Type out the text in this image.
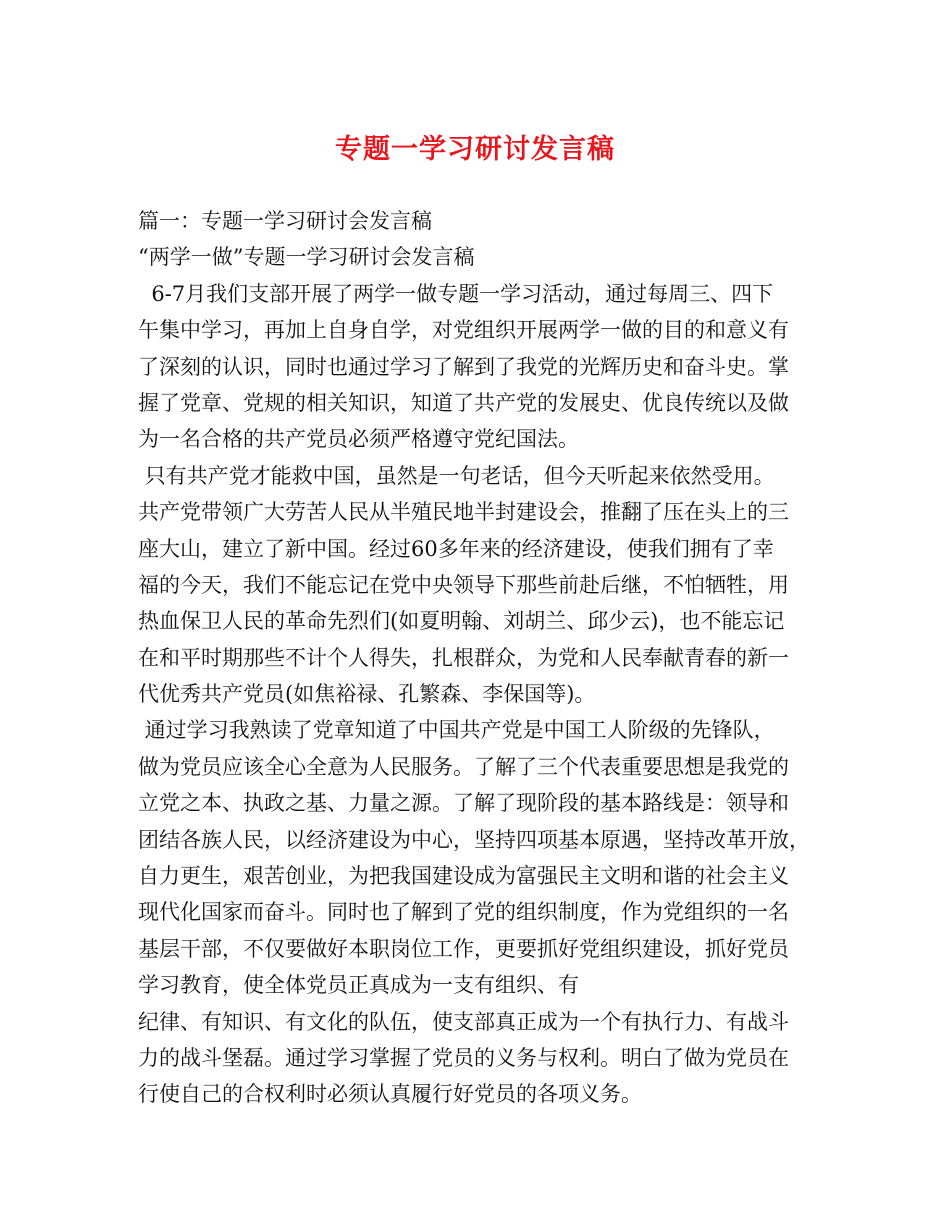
专题一学习研讨发言稿
篇一：专题一学习研讨会发言稿
“两学一做”专题一学习研讨会发言稿
6-7月我们支部开展了两学一做专题一学习活动，通过每周三、四下
午集中学习，再加上自身自学，对党组织开展两学一做的目的和意义有
了深刻的认识，同时也通过学习了解到了我党的光辉历史和奋斗史。掌
握了党章、党规的相关知识，知道了共产党的发展史、优良传统以及做
为一名合格的共产党员必须严格遵守党纪国法。
只有共产党才能救中国，虽然是一句老话，但今天听起来依然受用。
共产党带领广大劳苦人民从半殖民地半封建设会，推翻了压在头上的三
座大山，建立了新中国。经过60多年来的经济建设，使我们拥有了幸
福的今天，我们不能忘记在党中央领导下那些前赴后继，不怕牺牲，用
热血保卫人民的革命先烈们(如夏明翰、刘胡兰、邱少云)，也不能忘记
在和平时期那些不计个人得失，扎根群众，为党和人民奉献青春的新一
代优秀共产党员(如焦裕禄、孔繁森、李保国等)。
通过学习我熟读了党章知道了中国共产党是中国工人阶级的先锋队，
做为党员应该全心全意为人民服务。了解了三个代表重要思想是我党的
立党之本、执政之基、力量之源。了解了现阶段的基本路线是：领导和
团结各族人民，以经济建设为中心，坚持四项基本原遇，坚持改革开放，
自力更生，艰苦创业，为把我国建设成为富强民主文明和谐的社会主义
现代化国家而奋斗。同时也了解到了党的组织制度，作为党组织的一名
基层干部，不仅要做好本职岗位工作，更要抓好党组织建设，抓好党员
学习教育，使全体党员正真成为一支有组织、有
纪律、有知识、有文化的队伍，使支部真正成为一个有执行力、有战斗
力的战斗堡磊。通过学习掌握了党员的义务与权利。明白了做为党员在
行使自己的合权利时必须认真履行好党员的各项义务。
